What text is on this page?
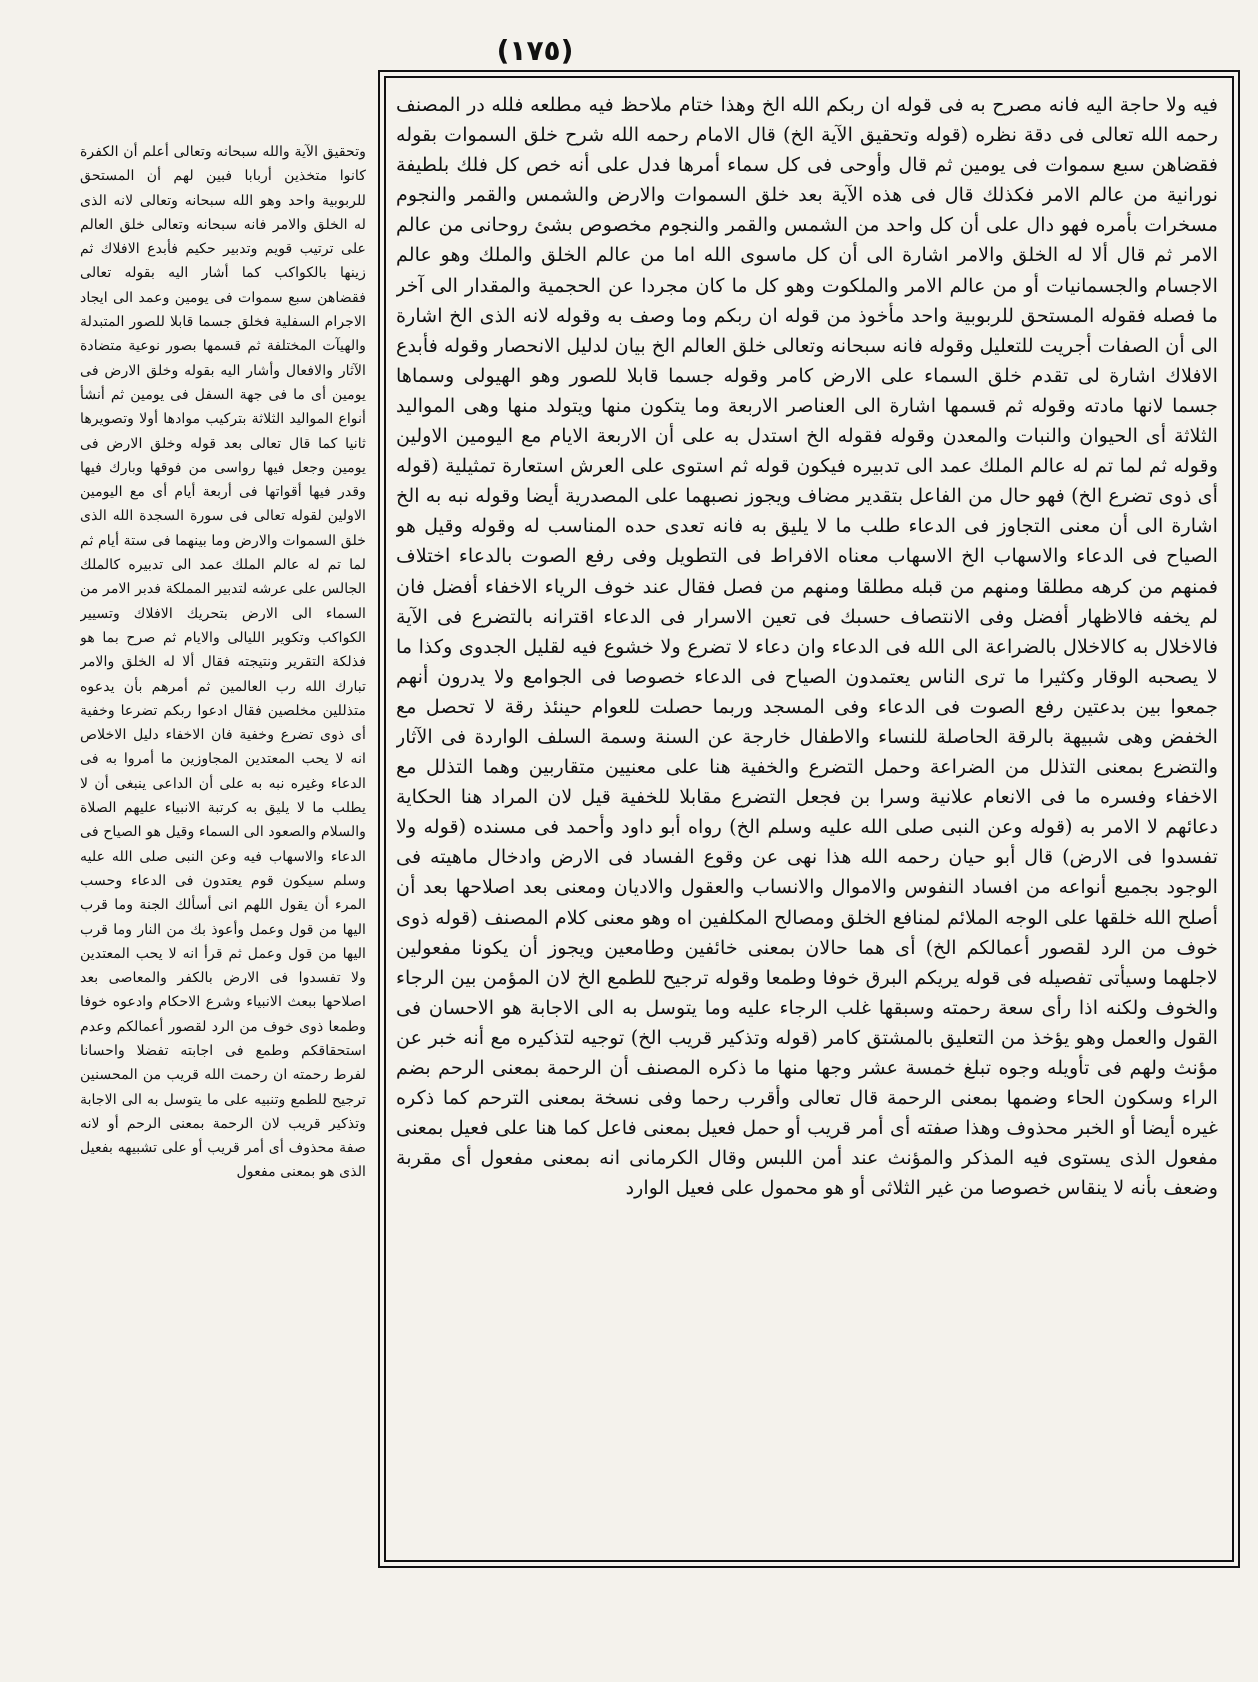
(١٧٥)

فيه ولا حاجة اليه فانه مصرح به فى قوله ان ربكم الله الخ وهذا ختام ملاحظ فيه مطلعه فلله در المصنف رحمه الله تعالى فى دقة نظره (قوله وتحقيق الآية الخ) قال الامام رحمه الله شرح خلق السموات بقوله فقضاهن سبع سموات فى يومين ثم قال وأوحى فى كل سماء أمرها فدل على أنه خص كل فلك بلطيفة نورانية من عالم الامر فكذلك قال فى هذه الآية بعد خلق السموات والارض والشمس والقمر والنجوم مسخرات بأمره فهو دال على أن كل واحد من الشمس والقمر والنجوم مخصوص بشئ روحانى من عالم الامر ثم قال ألا له الخلق والامر اشارة الى أن كل ماسوى الله اما من عالم الخلق والملك وهو عالم الاجسام والجسمانيات أو من عالم الامر والملكوت وهو كل ما كان مجردا عن الحجمية والمقدار الى آخر ما فصله فقوله المستحق للربوبية واحد مأخوذ من قوله ان ربكم وما وصف به وقوله لانه الذى الخ اشارة الى أن الصفات أجريت للتعليل وقوله فانه سبحانه وتعالى خلق العالم الخ بيان لدليل الانحصار وقوله فأبدع الافلاك اشارة لى تقدم خلق السماء على الارض كامر وقوله جسما قابلا للصور وهو الهيولى وسماها جسما لانها مادته وقوله ثم قسمها اشارة الى العناصر الاربعة وما يتكون منها ويتولد منها وهى المواليد الثلاثة أى الحيوان والنبات والمعدن وقوله فقوله الخ استدل به على أن الاربعة الايام مع اليومين الاولين وقوله ثم لما تم له عالم الملك عمد الى تدبيره فيكون قوله ثم استوى على العرش استعارة تمثيلية (قوله أى ذوى تضرع الخ) فهو حال من الفاعل بتقدير مضاف ويجوز نصبهما على المصدرية أيضا وقوله نبه به الخ اشارة الى أن معنى التجاوز فى الدعاء طلب ما لا يليق به فانه تعدى حده المناسب له وقوله وقيل هو الصياح فى الدعاء والاسهاب الخ الاسهاب معناه الافراط فى التطويل وفى رفع الصوت بالدعاء اختلاف فمنهم من كرهه مطلقا ومنهم من قبله مطلقا ومنهم من فصل فقال عند خوف الرياء الاخفاء أفضل فان لم يخفه فالاظهار أفضل وفى الانتصاف حسبك فى تعين الاسرار فى الدعاء اقترانه بالتضرع فى الآية فالاخلال به كالاخلال بالضراعة الى الله فى الدعاء وان دعاء لا تضرع ولا خشوع فيه لقليل الجدوى وكذا ما لا يصحبه الوقار وكثيرا ما ترى الناس يعتمدون الصياح فى الدعاء خصوصا فى الجوامع ولا يدرون أنهم جمعوا بين بدعتين رفع الصوت فى الدعاء وفى المسجد وربما حصلت للعوام حينئذ رقة لا تحصل مع الخفض وهى شبيهة بالرقة الحاصلة للنساء والاطفال خارجة عن السنة وسمة السلف الواردة فى الآثار والتضرع بمعنى التذلل من الضراعة وحمل التضرع والخفية هنا على معنيين متقاربين وهما التذلل مع الاخفاء وفسره ما فى الانعام علانية وسرا بن فجعل التضرع مقابلا للخفية قيل لان المراد هنا الحكاية دعائهم لا الامر به (قوله وعن النبى صلى الله عليه وسلم الخ) رواه أبو داود وأحمد فى مسنده (قوله ولا تفسدوا فى الارض) قال أبو حيان رحمه الله هذا نهى عن وقوع الفساد فى الارض وادخال ماهيته فى الوجود بجميع أنواعه من افساد النفوس والاموال والانساب والعقول والاديان ومعنى بعد اصلاحها بعد أن أصلح الله خلقها على الوجه الملائم لمنافع الخلق ومصالح المكلفين اه وهو معنى كلام المصنف (قوله ذوى خوف من الرد لقصور أعمالكم الخ) أى هما حالان بمعنى خائفين وطامعين ويجوز أن يكونا مفعولين لاجلهما وسيأتى تفصيله فى قوله يريكم البرق خوفا وطمعا وقوله ترجيح للطمع الخ لان المؤمن بين الرجاء والخوف ولكنه اذا رأى سعة رحمته وسبقها غلب الرجاء عليه وما يتوسل به الى الاجابة هو الاحسان فى القول والعمل وهو يؤخذ من التعليق بالمشتق كامر (قوله وتذكير قريب الخ) توجيه لتذكيره مع أنه خبر عن مؤنث ولهم فى تأويله وجوه تبلغ خمسة عشر وجها منها ما ذكره المصنف أن الرحمة بمعنى الرحم بضم الراء وسكون الحاء وضمها بمعنى الرحمة قال تعالى وأقرب رحما وفى نسخة بمعنى الترحم كما ذكره غيره أيضا أو الخبر محذوف وهذا صفته أى أمر قريب أو حمل فعيل بمعنى فاعل كما هنا على فعيل بمعنى مفعول الذى يستوى فيه المذكر والمؤنث عند أمن اللبس وقال الكرمانى انه بمعنى مفعول أى مقربة وضعف بأنه لا ينقاس خصوصا من غير الثلاثى أو هو محمول على فعيل الوارد

وتحقيق الآية والله سبحانه وتعالى أعلم أن الكفرة كانوا متخذين أربابا فبين لهم أن المستحق للربوبية واحد وهو الله سبحانه وتعالى لانه الذى له الخلق والامر فانه سبحانه وتعالى خلق العالم على ترتيب قويم وتدبير حكيم فأبدع الافلاك ثم زينها بالكواكب كما أشار اليه بقوله تعالى فقضاهن سبع سموات فى يومين وعمد الى ايجاد الاجرام السفلية فخلق جسما قابلا للصور المتبدلة والهيآت المختلفة ثم قسمها بصور نوعية متضادة الآثار والافعال وأشار اليه بقوله وخلق الارض فى يومين أى ما فى جهة السفل فى يومين ثم أنشأ أنواع المواليد الثلاثة بتركيب موادها أولا وتصويرها ثانيا كما قال تعالى بعد قوله وخلق الارض فى يومين وجعل فيها رواسى من فوقها وبارك فيها وقدر فيها أقواتها فى أربعة أيام أى مع اليومين الاولين لقوله تعالى فى سورة السجدة الله الذى خلق السموات والارض وما بينهما فى ستة أيام ثم لما تم له عالم الملك عمد الى تدبيره كالملك الجالس على عرشه لتدبير المملكة فدبر الامر من السماء الى الارض بتحريك الافلاك وتسيير الكواكب وتكوير الليالى والايام ثم صرح بما هو فذلكة التقرير ونتيجته فقال ألا له الخلق والامر تبارك الله رب العالمين ثم أمرهم بأن يدعوه متذللين مخلصين فقال ادعوا ربكم تضرعا وخفية أى ذوى تضرع وخفية فان الاخفاء دليل الاخلاص انه لا يحب المعتدين المجاوزين ما أمروا به فى الدعاء وغيره نبه به على أن الداعى ينبغى أن لا يطلب ما لا يليق به كرتبة الانبياء عليهم الصلاة والسلام والصعود الى السماء وقيل هو الصياح فى الدعاء والاسهاب فيه وعن النبى صلى الله عليه وسلم سيكون قوم يعتدون فى الدعاء وحسب المرء أن يقول اللهم انى أسألك الجنة وما قرب اليها من قول وعمل وأعوذ بك من النار وما قرب اليها من قول وعمل ثم قرأ انه لا يحب المعتدين ولا تفسدوا فى الارض بالكفر والمعاصى بعد اصلاحها ببعث الانبياء وشرع الاحكام وادعوه خوفا وطمعا ذوى خوف من الرد لقصور أعمالكم وعدم استحقاقكم وطمع فى اجابته تفضلا واحسانا لفرط رحمته ان رحمت الله قريب من المحسنين ترجيح للطمع وتنبيه على ما يتوسل به الى الاجابة وتذكير قريب لان الرحمة بمعنى الرحم أو لانه صفة محذوف أى أمر قريب أو على تشبيهه بفعيل الذى هو بمعنى مفعول
